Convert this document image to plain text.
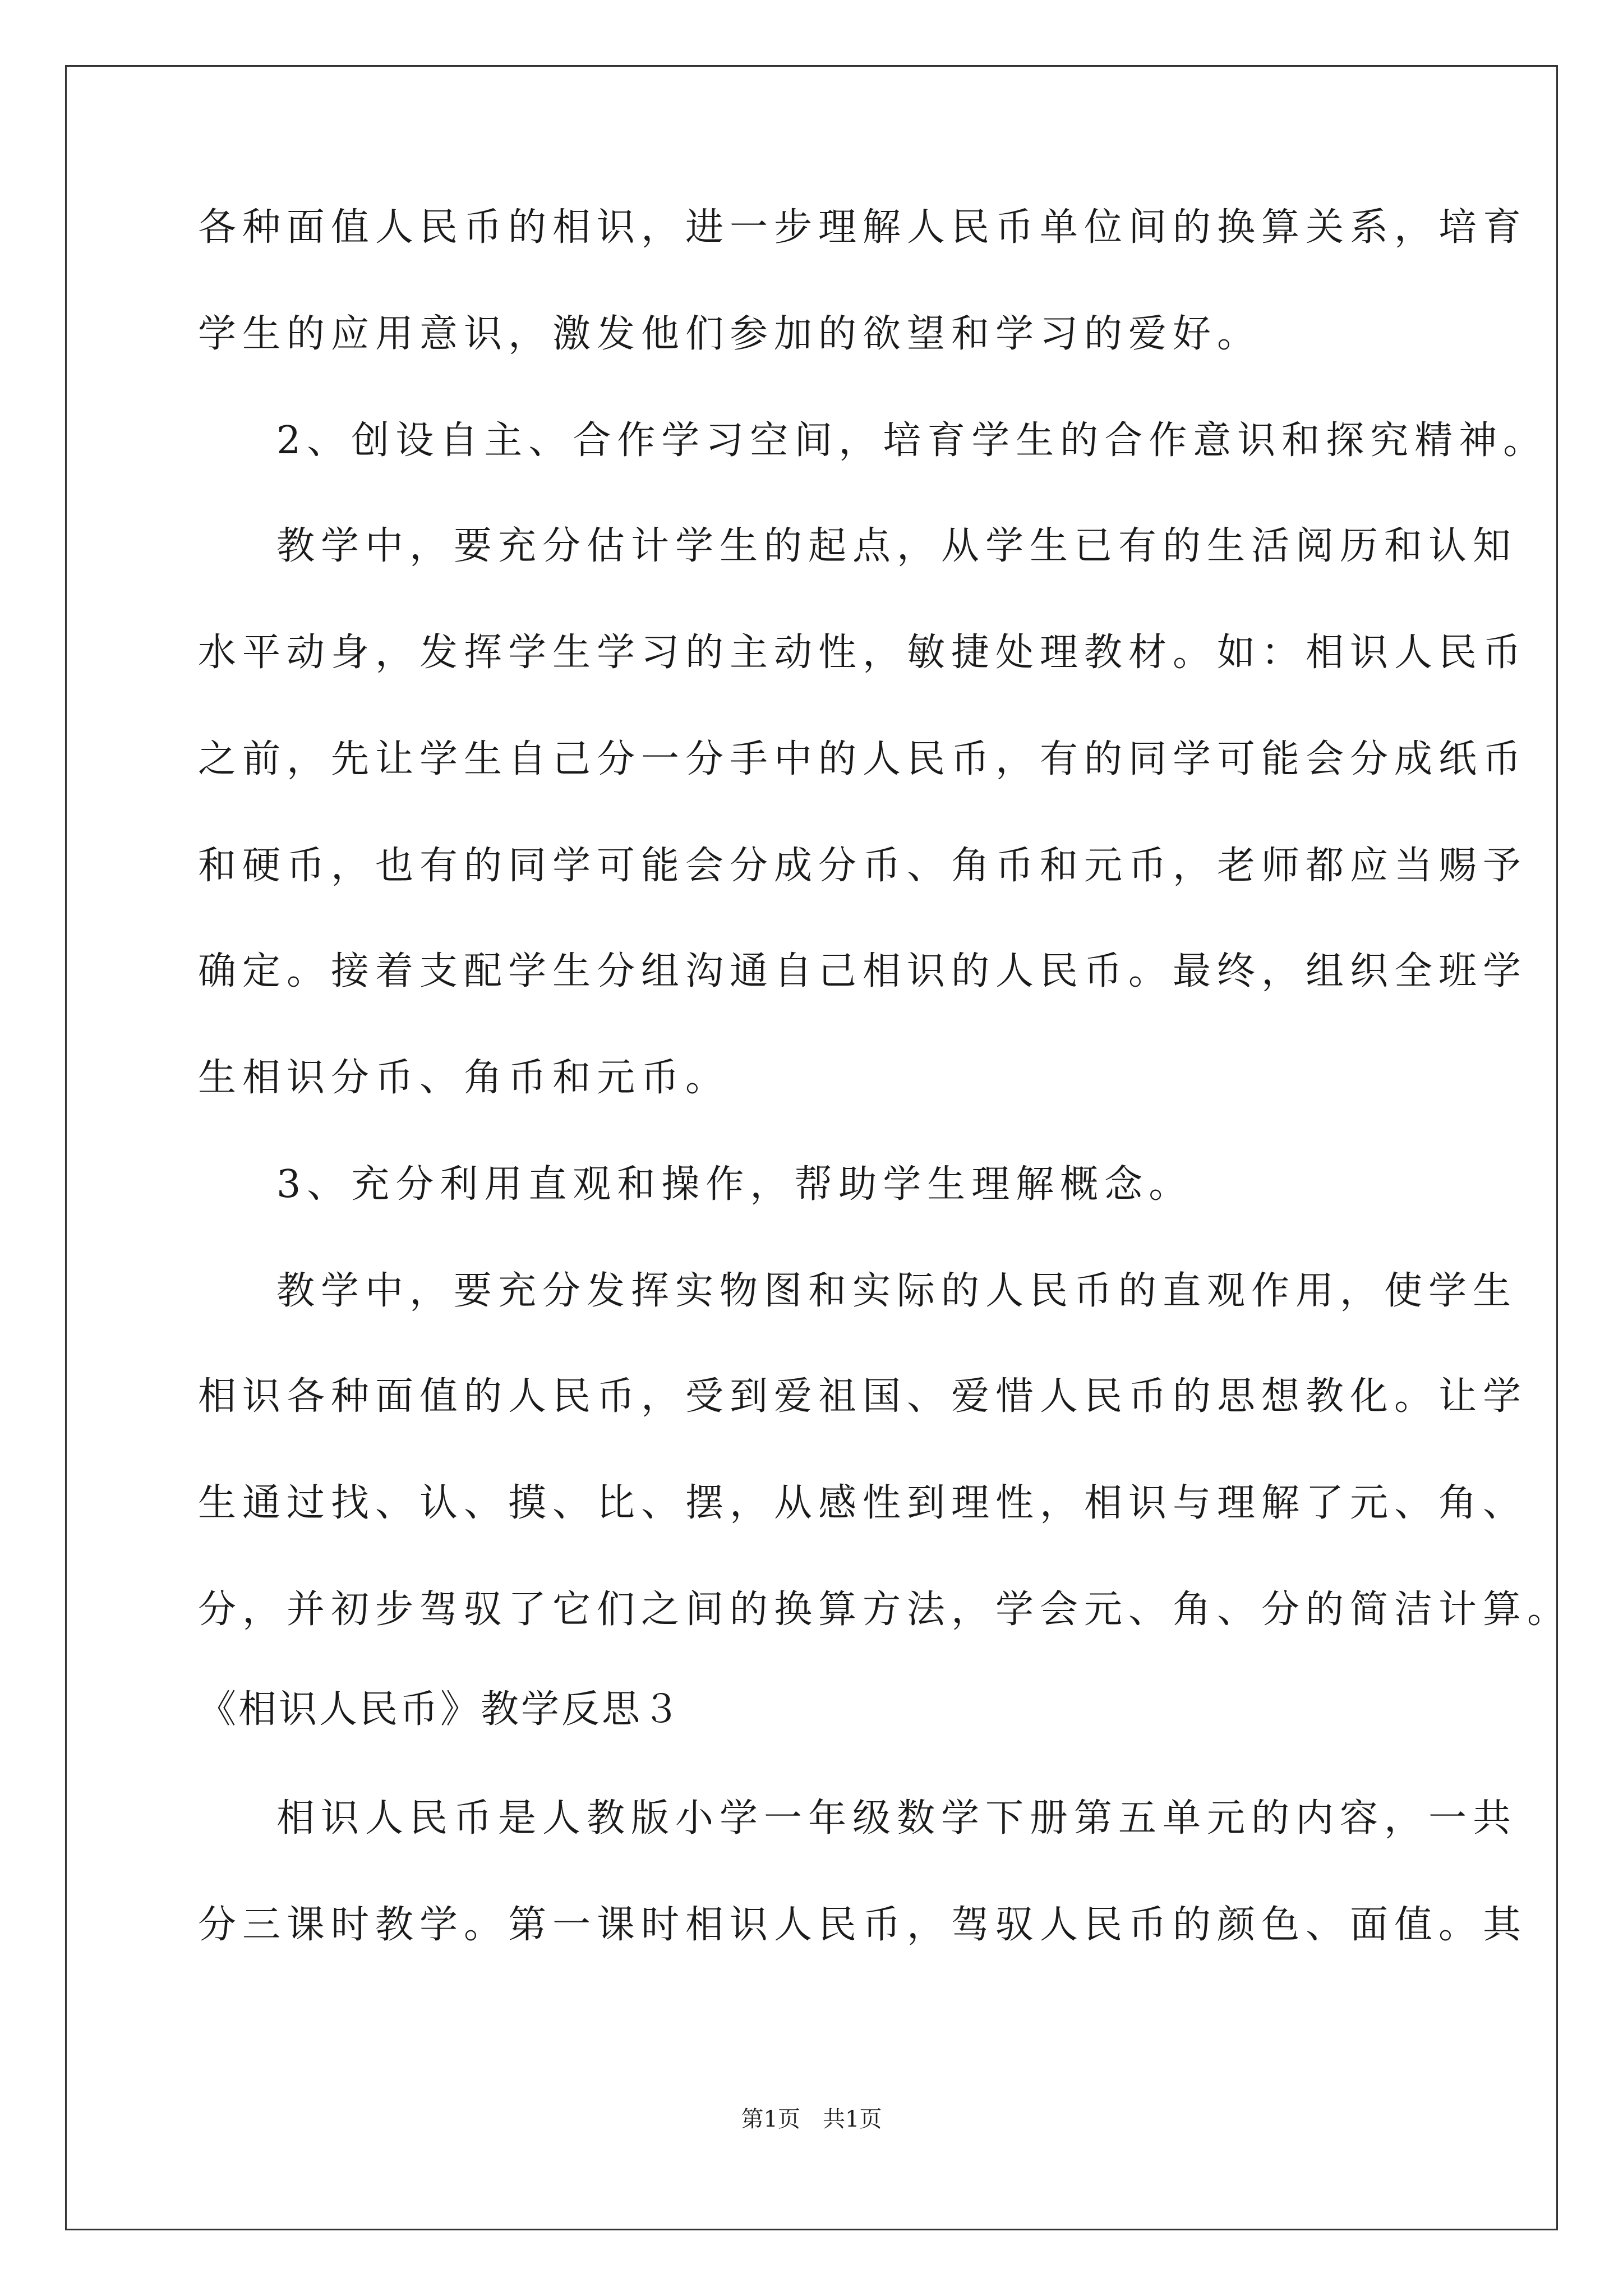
各种面值人民币的相识，进一步理解人民币单位间的换算关系，培育
学生的应用意识，激发他们参加的欲望和学习的爱好。
2、创设自主、合作学习空间，培育学生的合作意识和探究精神。
教学中，要充分估计学生的起点，从学生已有的生活阅历和认知
水平动身，发挥学生学习的主动性，敏捷处理教材。如：相识人民币
之前，先让学生自己分一分手中的人民币，有的同学可能会分成纸币
和硬币，也有的同学可能会分成分币、角币和元币，老师都应当赐予
确定。接着支配学生分组沟通自己相识的人民币。最终，组织全班学
生相识分币、角币和元币。
3、充分利用直观和操作，帮助学生理解概念。
教学中，要充分发挥实物图和实际的人民币的直观作用，使学生
相识各种面值的人民币，受到爱祖国、爱惜人民币的思想教化。让学
生通过找、认、摸、比、摆，从感性到理性，相识与理解了元、角、
分，并初步驾驭了它们之间的换算方法，学会元、角、分的简洁计算。
《相识人民币》教学反思３
相识人民币是人教版小学一年级数学下册第五单元的内容，一共
分三课时教学。第一课时相识人民币，驾驭人民币的颜色、面值。其
第1页　共1页
